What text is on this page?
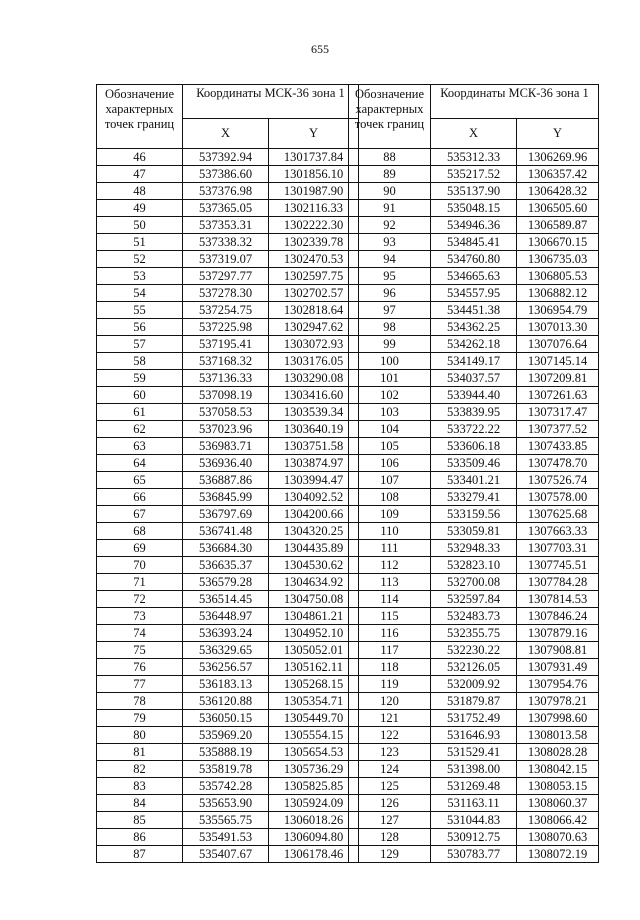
655
Обозначение характерных точек границ	Координаты МСК-36 зона 1	
	X	Y
46	537392.94	1301737.84
47	537386.60	1301856.10
48	537376.98	1301987.90
49	537365.05	1302116.33
50	537353.31	1302222.30
51	537338.32	1302339.78
52	537319.07	1302470.53
53	537297.77	1302597.75
54	537278.30	1302702.57
55	537254.75	1302818.64
56	537225.98	1302947.62
57	537195.41	1303072.93
58	537168.32	1303176.05
59	537136.33	1303290.08
60	537098.19	1303416.60
61	537058.53	1303539.34
62	537023.96	1303640.19
63	536983.71	1303751.58
64	536936.40	1303874.97
65	536887.86	1303994.47
66	536845.99	1304092.52
67	536797.69	1304200.66
68	536741.48	1304320.25
69	536684.30	1304435.89
70	536635.37	1304530.62
71	536579.28	1304634.92
72	536514.45	1304750.08
73	536448.97	1304861.21
74	536393.24	1304952.10
75	536329.65	1305052.01
76	536256.57	1305162.11
77	536183.13	1305268.15
78	536120.88	1305354.71
79	536050.15	1305449.70
80	535969.20	1305554.15
81	535888.19	1305654.53
82	535819.78	1305736.29
83	535742.28	1305825.85
84	535653.90	1305924.09
85	535565.75	1306018.26
86	535491.53	1306094.80
87	535407.67	1306178.46
Обозначение характерных точек границ	Координаты МСК-36 зона 1	
	X	Y
88	535312.33	1306269.96
89	535217.52	1306357.42
90	535137.90	1306428.32
91	535048.15	1306505.60
92	534946.36	1306589.87
93	534845.41	1306670.15
94	534760.80	1306735.03
95	534665.63	1306805.53
96	534557.95	1306882.12
97	534451.38	1306954.79
98	534362.25	1307013.30
99	534262.18	1307076.64
100	534149.17	1307145.14
101	534037.57	1307209.81
102	533944.40	1307261.63
103	533839.95	1307317.47
104	533722.22	1307377.52
105	533606.18	1307433.85
106	533509.46	1307478.70
107	533401.21	1307526.74
108	533279.41	1307578.00
109	533159.56	1307625.68
110	533059.81	1307663.33
111	532948.33	1307703.31
112	532823.10	1307745.51
113	532700.08	1307784.28
114	532597.84	1307814.53
115	532483.73	1307846.24
116	532355.75	1307879.16
117	532230.22	1307908.81
118	532126.05	1307931.49
119	532009.92	1307954.76
120	531879.87	1307978.21
121	531752.49	1307998.60
122	531646.93	1308013.58
123	531529.41	1308028.28
124	531398.00	1308042.15
125	531269.48	1308053.15
126	531163.11	1308060.37
127	531044.83	1308066.42
128	530912.75	1308070.63
129	530783.77	1308072.19
